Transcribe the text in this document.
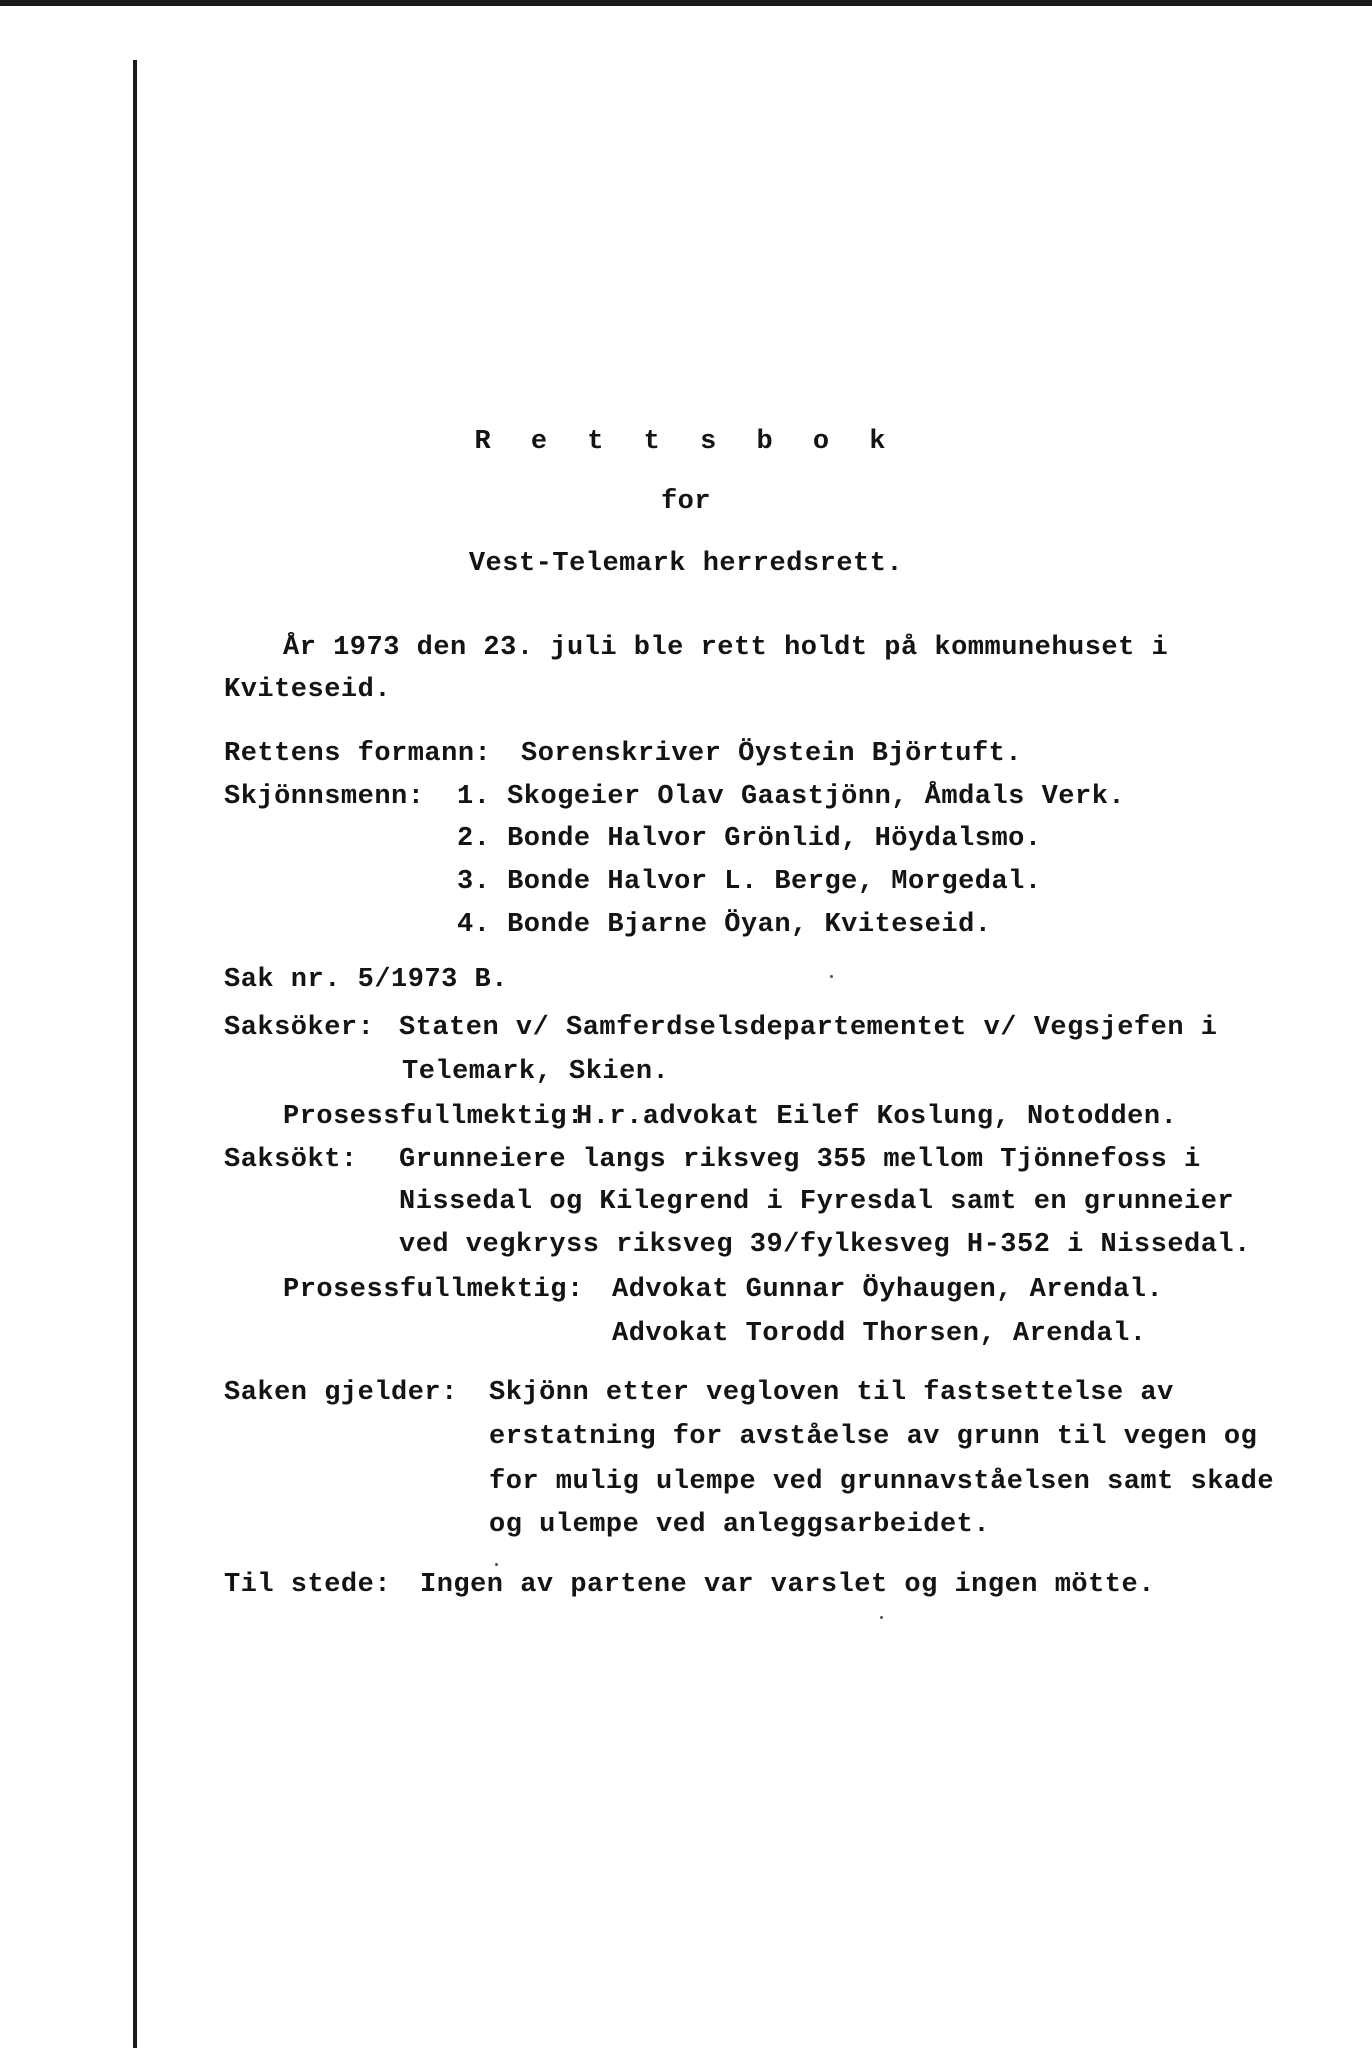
R e t t s b o k
for
Vest-Telemark herredsrett.
År 1973 den 23. juli ble rett holdt på kommunehuset i
Kviteseid.
Rettens formann: Sorenskriver Öystein Björtuft.
Skjönnsmenn: 1. Skogeier Olav Gaastjönn, Åmdals Verk.
2. Bonde Halvor Grönlid, Höydalsmo.
3. Bonde Halvor L. Berge, Morgedal.
4. Bonde Bjarne Öyan, Kviteseid.
Sak nr. 5/1973 B.
Saksöker: Staten v/ Samferdselsdepartementet v/ Vegsjefen i
Telemark, Skien.
Prosessfullmektig:
H.r.advokat Eilef Koslung, Notodden.
Saksökt: Grunneiere langs riksveg 355 mellom Tjönnefoss i
Nissedal og Kilegrend i Fyresdal samt en grunneier
ved vegkryss riksveg 39/fylkesveg H-352 i Nissedal.
Prosessfullmektig: Advokat Gunnar Öyhaugen, Arendal.
Advokat Torodd Thorsen, Arendal.
Saken gjelder: Skjönn etter vegloven til fastsettelse av
erstatning for avståelse av grunn til vegen og
for mulig ulempe ved grunnavståelsen samt skade
og ulempe ved anleggsarbeidet.
Til stede: Ingen av partene var varslet og ingen mötte.
